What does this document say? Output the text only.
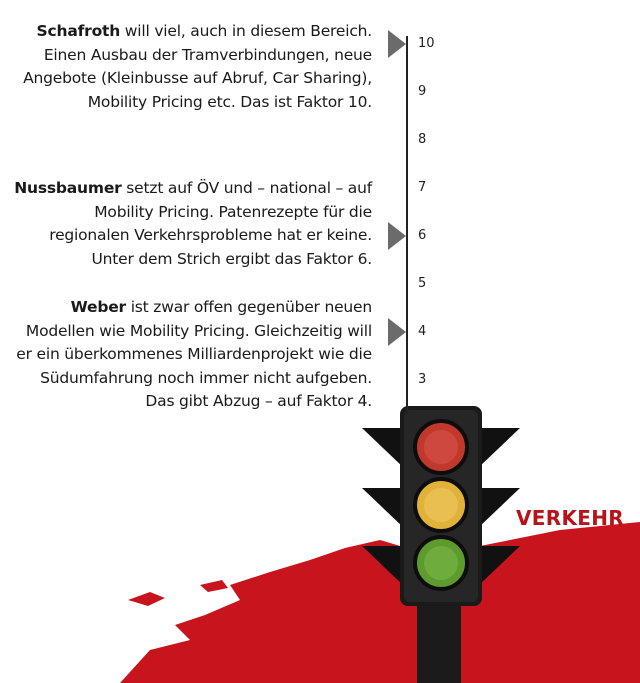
Schafroth will viel, auch in diesem Bereich. Einen Ausbau der Tramverbindungen, neue Angebote (Kleinbusse auf Abruf, Car Sharing), Mobility Pricing etc. Das ist Faktor 10.
Nussbaumer setzt auf ÖV und – national – auf Mobility Pricing. Patenrezepte für die regionalen Verkehrsprobleme hat er keine. Unter dem Strich ergibt das Faktor 6.
Weber ist zwar offen gegenüber neuen Modellen wie Mobility Pricing. Gleichzeitig will er ein überkommenes Milliardenprojekt wie die Südumfahrung noch immer nicht aufgeben. Das gibt Abzug – auf Faktor 4.
10
9
8
7
6
5
4
3
VERKEHR
